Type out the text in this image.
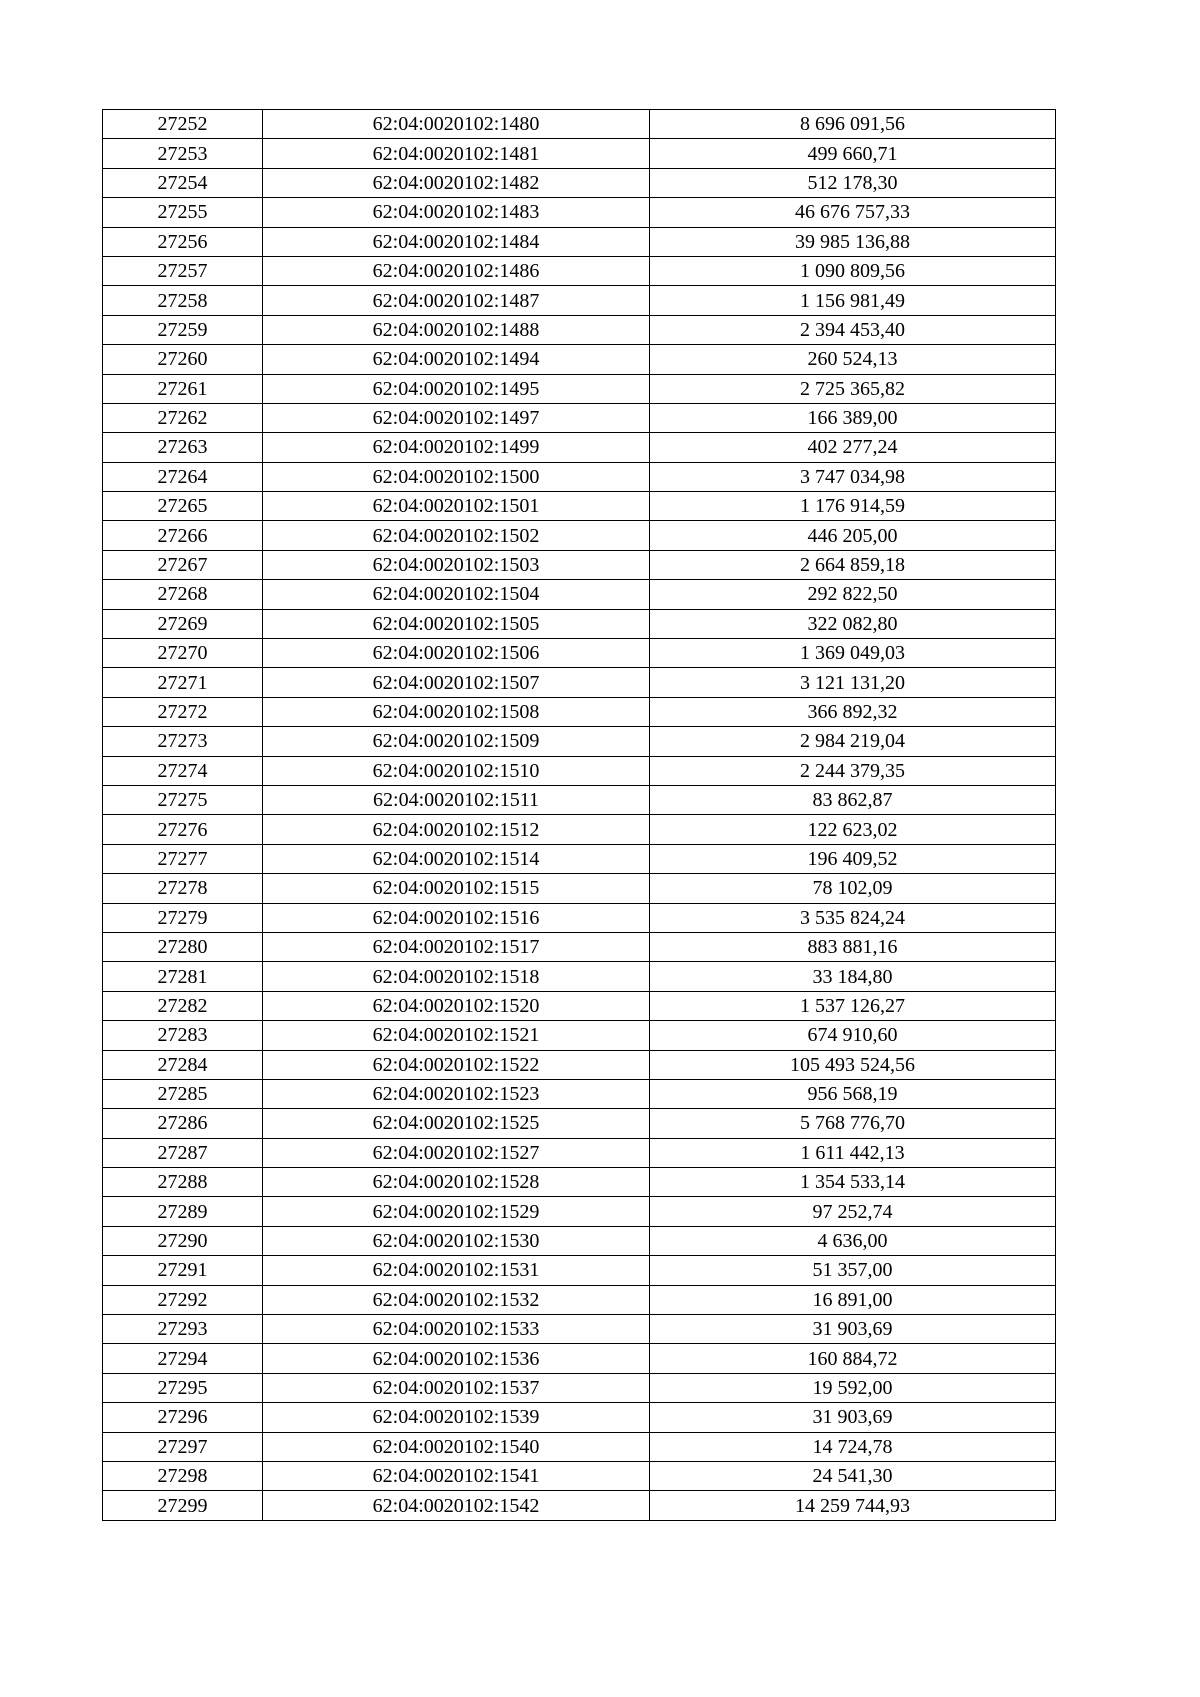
27252	62:04:0020102:1480	8 696 091,56
27253	62:04:0020102:1481	499 660,71
27254	62:04:0020102:1482	512 178,30
27255	62:04:0020102:1483	46 676 757,33
27256	62:04:0020102:1484	39 985 136,88
27257	62:04:0020102:1486	1 090 809,56
27258	62:04:0020102:1487	1 156 981,49
27259	62:04:0020102:1488	2 394 453,40
27260	62:04:0020102:1494	260 524,13
27261	62:04:0020102:1495	2 725 365,82
27262	62:04:0020102:1497	166 389,00
27263	62:04:0020102:1499	402 277,24
27264	62:04:0020102:1500	3 747 034,98
27265	62:04:0020102:1501	1 176 914,59
27266	62:04:0020102:1502	446 205,00
27267	62:04:0020102:1503	2 664 859,18
27268	62:04:0020102:1504	292 822,50
27269	62:04:0020102:1505	322 082,80
27270	62:04:0020102:1506	1 369 049,03
27271	62:04:0020102:1507	3 121 131,20
27272	62:04:0020102:1508	366 892,32
27273	62:04:0020102:1509	2 984 219,04
27274	62:04:0020102:1510	2 244 379,35
27275	62:04:0020102:1511	83 862,87
27276	62:04:0020102:1512	122 623,02
27277	62:04:0020102:1514	196 409,52
27278	62:04:0020102:1515	78 102,09
27279	62:04:0020102:1516	3 535 824,24
27280	62:04:0020102:1517	883 881,16
27281	62:04:0020102:1518	33 184,80
27282	62:04:0020102:1520	1 537 126,27
27283	62:04:0020102:1521	674 910,60
27284	62:04:0020102:1522	105 493 524,56
27285	62:04:0020102:1523	956 568,19
27286	62:04:0020102:1525	5 768 776,70
27287	62:04:0020102:1527	1 611 442,13
27288	62:04:0020102:1528	1 354 533,14
27289	62:04:0020102:1529	97 252,74
27290	62:04:0020102:1530	4 636,00
27291	62:04:0020102:1531	51 357,00
27292	62:04:0020102:1532	16 891,00
27293	62:04:0020102:1533	31 903,69
27294	62:04:0020102:1536	160 884,72
27295	62:04:0020102:1537	19 592,00
27296	62:04:0020102:1539	31 903,69
27297	62:04:0020102:1540	14 724,78
27298	62:04:0020102:1541	24 541,30
27299	62:04:0020102:1542	14 259 744,93
